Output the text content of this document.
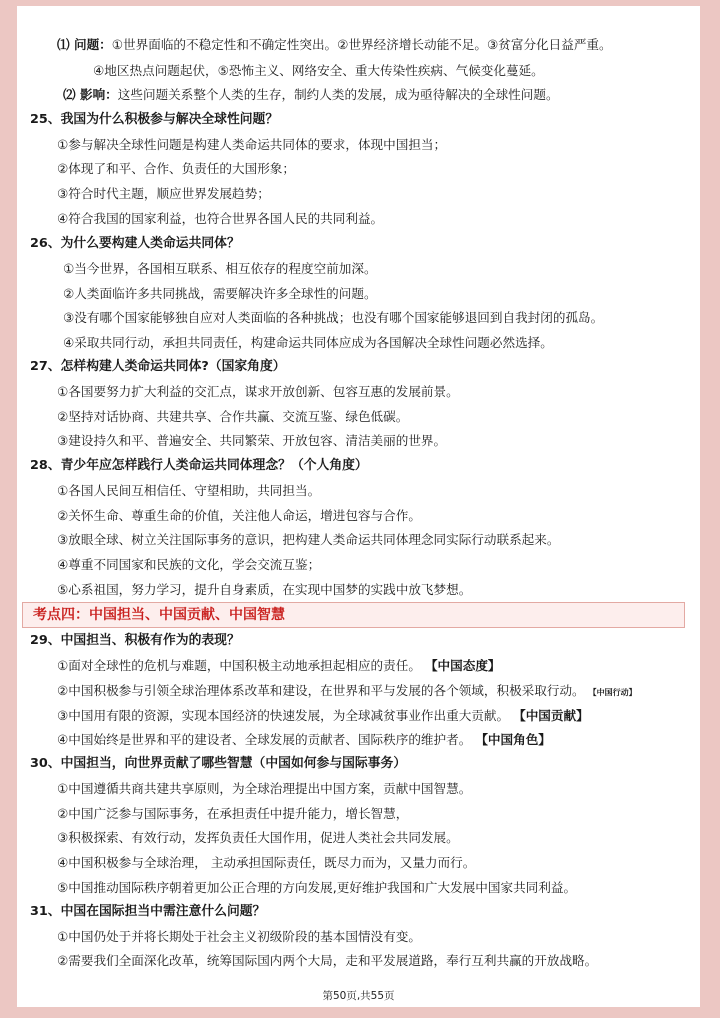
⑴ 问题：①世界面临的不稳定性和不确定性突出。②世界经济增长动能不足。③贫富分化日益严重。
④地区热点问题起伏，⑤恐怖主义、网络安全、重大传染性疾病、气候变化蔓延。
⑵ 影响：这些问题关系整个人类的生存，制约人类的发展，成为亟待解决的全球性问题。
25、我国为什么积极参与解决全球性问题？
①参与解决全球性问题是构建人类命运共同体的要求，体现中国担当；
②体现了和平、合作、负责任的大国形象；
③符合时代主题，顺应世界发展趋势；
④符合我国的国家利益，也符合世界各国人民的共同利益。
26、为什么要构建人类命运共同体？
①当今世界，各国相互联系、相互依存的程度空前加深。
②人类面临许多共同挑战，需要解决许多全球性的问题。
③没有哪个国家能够独自应对人类面临的各种挑战；也没有哪个国家能够退回到自我封闭的孤岛。
④采取共同行动，承担共同责任，构建命运共同体应成为各国解决全球性问题必然选择。
27、怎样构建人类命运共同体?（国家角度）
①各国要努力扩大利益的交汇点，谋求开放创新、包容互惠的发展前景。
②坚持对话协商、共建共享、合作共赢、交流互鉴、绿色低碳。
③建设持久和平、普遍安全、共同繁荣、开放包容、清洁美丽的世界。
28、青少年应怎样践行人类命运共同体理念？（个人角度）
①各国人民间互相信任、守望相助，共同担当。
②关怀生命、尊重生命的价值，关注他人命运，增进包容与合作。
③放眼全球、树立关注国际事务的意识，把构建人类命运共同体理念同实际行动联系起来。
④尊重不同国家和民族的文化，学会交流互鉴；
⑤心系祖国，努力学习，提升自身素质，在实现中国梦的实践中放飞梦想。
考点四：中国担当、中国贡献、中国智慧
29、中国担当、积极有作为的表现？
①面对全球性的危机与难题，中国积极主动地承担起相应的责任。 【中国态度】
②中国积极参与引领全球治理体系改革和建设，在世界和平与发展的各个领域，积极采取行动。 【中国行动】
③中国用有限的资源，实现本国经济的快速发展，为全球减贫事业作出重大贡献。 【中国贡献】
④中国始终是世界和平的建设者、全球发展的贡献者、国际秩序的维护者。 【中国角色】
30、中国担当，向世界贡献了哪些智慧（中国如何参与国际事务）
①中国遵循共商共建共享原则，为全球治理提出中国方案，贡献中国智慧。
②中国广泛参与国际事务，在承担责任中提升能力，增长智慧，
③积极探索、有效行动，发挥负责任大国作用，促进人类社会共同发展。
④中国积极参与全球治理， 主动承担国际责任，既尽力而为，又量力而行。
⑤中国推动国际秩序朝着更加公正合理的方向发展,更好维护我国和广大发展中国家共同利益。
31、中国在国际担当中需注意什么问题？
①中国仍处于并将长期处于社会主义初级阶段的基本国情没有变。
②需要我们全面深化改革，统筹国际国内两个大局，走和平发展道路，奉行互利共赢的开放战略。
第50页,共55页
